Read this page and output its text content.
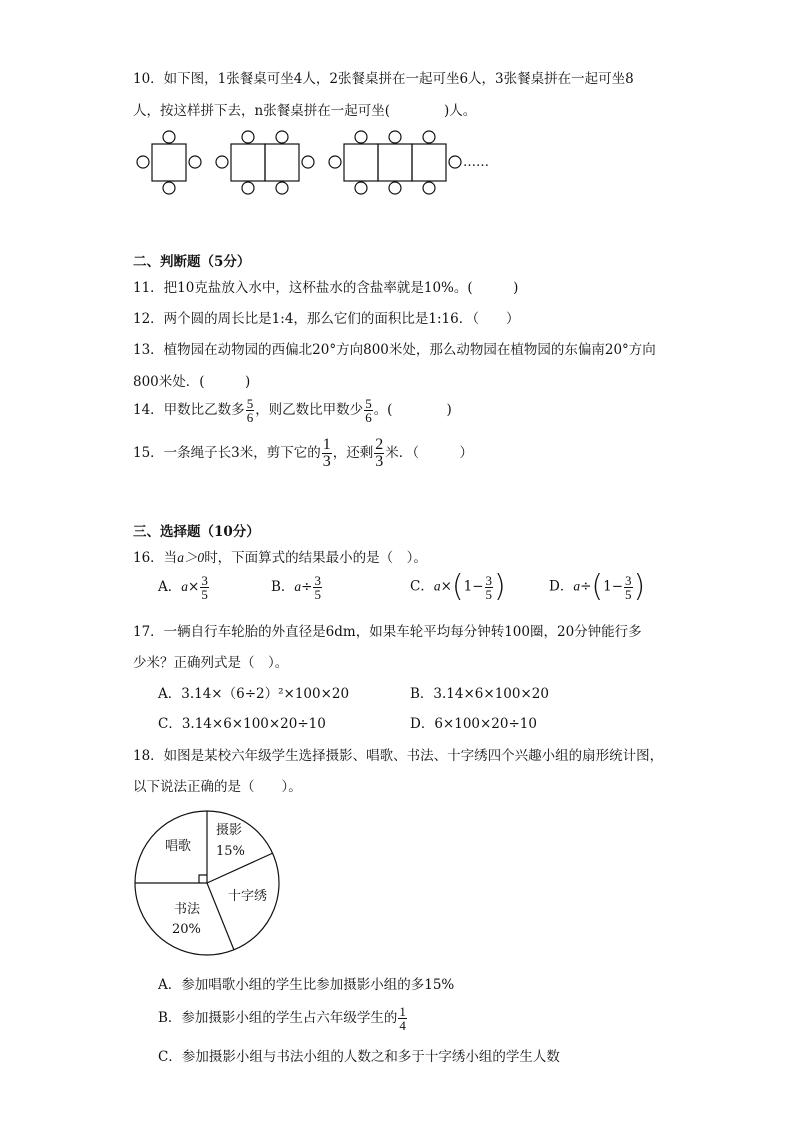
10．如下图，1张餐桌可坐4人，2张餐桌拼在一起可坐6人，3张餐桌拼在一起可坐8
人，按这样拼下去，n张餐桌拼在一起可坐(　　　　)人。
……
二、判断题（5分）
11．把10克盐放入水中，这杯盐水的含盐率就是10%。(　　　)
12．两个圆的周长比是1:4，那么它们的面积比是1:16．（　　）
13．植物园在动物园的西偏北20°方向800米处，那么动物园在植物园的东偏南20°方向
800米处．(　　　)
14．甲数比乙数多 $\frac{5}{6}$ ，则乙数比甲数少 $\frac{5}{6}$ 。(　　　　)
15．一条绳子长3米，剪下它的 $\frac{1}{3}$ ，还剩 $\frac{2}{3}$ 米．（　　　）
三、选择题（10分）
16．当a＞0时，下面算式的结果最小的是（　）。
A．$a\times \frac{3}{5}$	B．$a\div \frac{3}{5}$	C．$a\times(1- \frac{3}{5}$ )	D．$a\div(1- \frac{3}{5}$ )
17．一辆自行车轮胎的外直径是6dm，如果车轮平均每分钟转100圈，20分钟能行多
少米？正确列式是（　）。
A．3.14×（6÷2）²×100×20	B．3.14×6×100×20
C．3.14×6×100×20÷10	D．6×100×20÷10
18．如图是某校六年级学生选择摄影、唱歌、书法、十字绣四个兴趣小组的扇形统计图，
以下说法正确的是（　　）。
唱歌
摄影
15%
十字绣
书法
20%
A．参加唱歌小组的学生比参加摄影小组的多15%
B．参加摄影小组的学生占六年级学生的 $\frac{1}{4}$
C．参加摄影小组与书法小组的人数之和多于十字绣小组的学生人数
